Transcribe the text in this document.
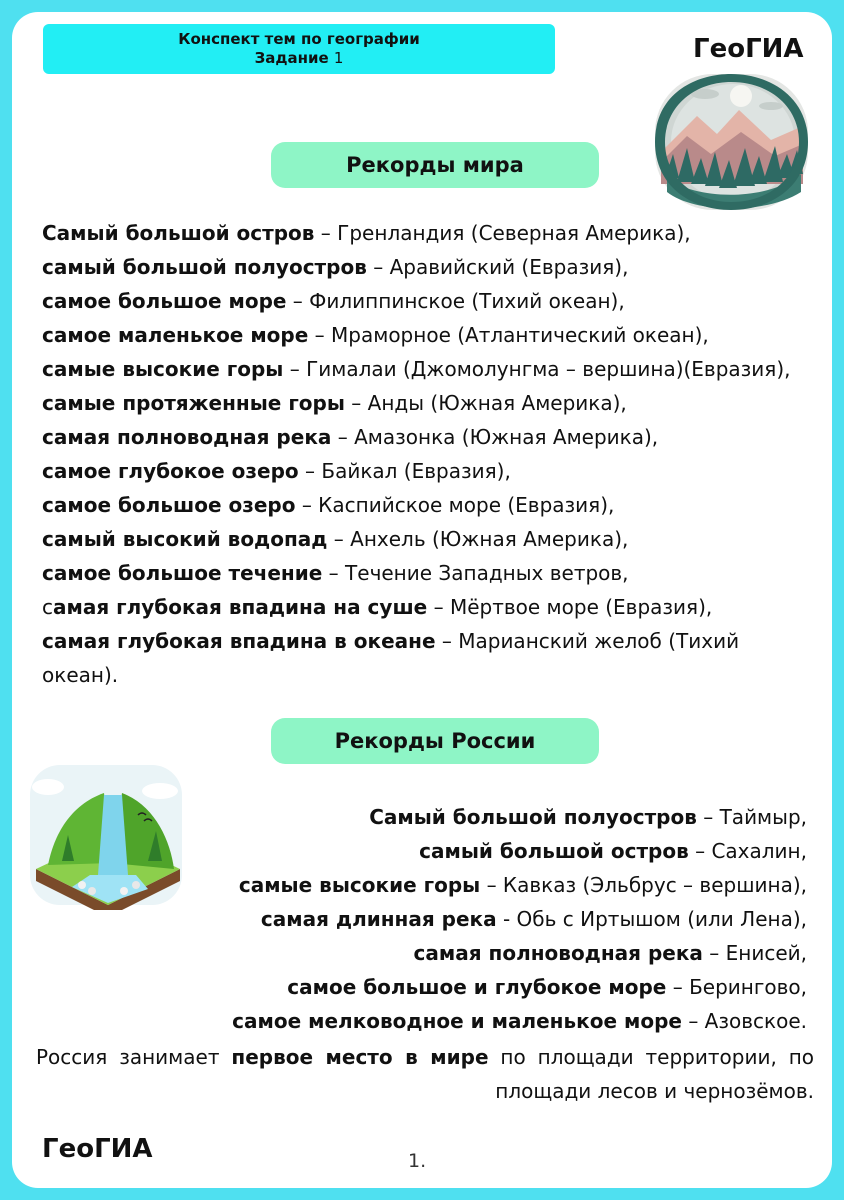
Конспект тем по географии
Задание 1	ГеоГИА
Рекорды мира
Самый большой остров – Гренландия (Северная Америка),
самый большой полуостров – Аравийский (Евразия),
самое большое море – Филиппинское (Тихий океан),
самое маленькое море – Мраморное (Атлантический океан),
самые высокие горы – Гималаи (Джомолунгма – вершина)(Евразия),
самые протяженные горы – Анды (Южная Америка),
самая полноводная река – Амазонка (Южная Америка),
самое глубокое озеро – Байкал (Евразия),
самое большое озеро – Каспийское море (Евразия),
самый высокий водопад – Анхель (Южная Америка),
самое большое течение – Течение Западных ветров,
самая глубокая впадина на суше – Мёртвое море (Евразия),
самая глубокая впадина в океане – Марианский желоб (Тихий океан).
Рекорды России
Самый большой полуостров – Таймыр,
самый большой остров – Сахалин,
самые высокие горы – Кавказ (Эльбрус – вершина),
самая длинная река - Обь с Иртышом (или Лена),
самая полноводная река – Енисей,
самое большое и глубокое море – Берингово,
самое мелководное и маленькое море – Азовское.
Россия занимает первое место в мире по площади территории, по площади лесов и чернозёмов.
ГеоГИА	1.
